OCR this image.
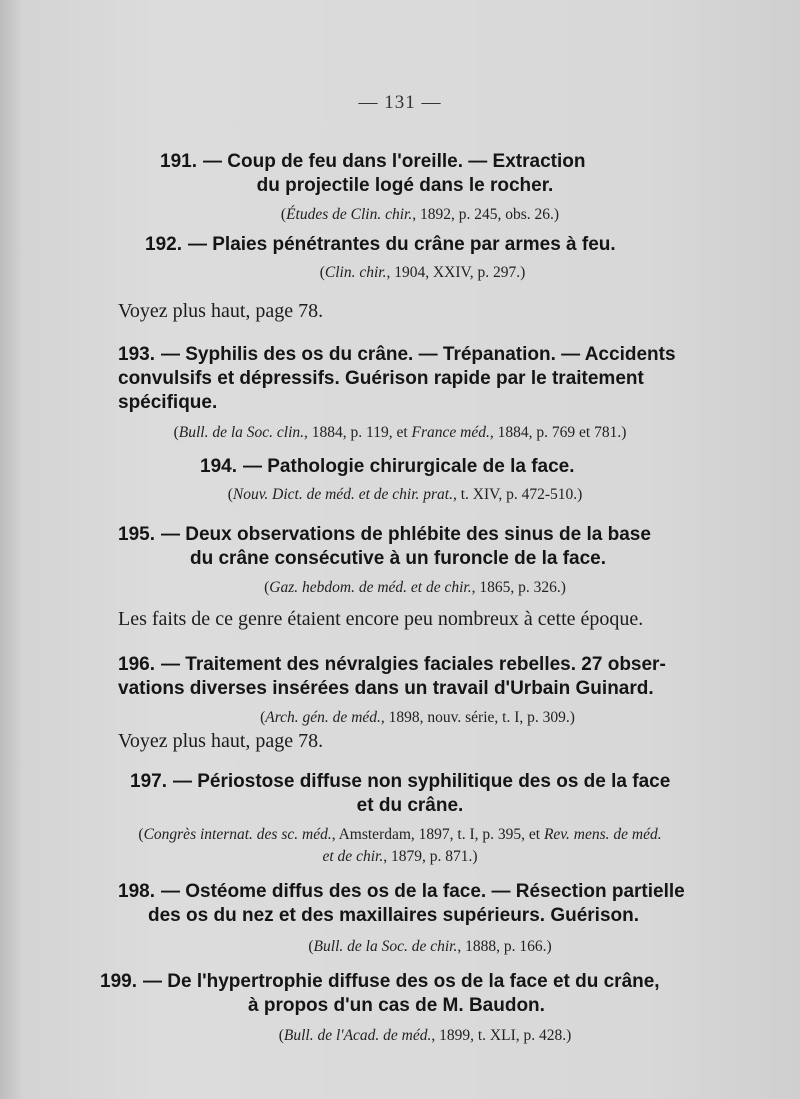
— 131 —
191. — Coup de feu dans l'oreille. — Extraction
du projectile logé dans le rocher.
(Études de Clin. chir., 1892, p. 245, obs. 26.)
192. — Plaies pénétrantes du crâne par armes à feu.
(Clin. chir., 1904, XXIV, p. 297.)
Voyez plus haut, page 78.
193. — Syphilis des os du crâne. — Trépanation. — Accidents
convulsifs et dépressifs. Guérison rapide par le traitement
spécifique.
(Bull. de la Soc. clin., 1884, p. 119, et France méd., 1884, p. 769 et 781.)
194. — Pathologie chirurgicale de la face.
(Nouv. Dict. de méd. et de chir. prat., t. XIV, p. 472-510.)
195. — Deux observations de phlébite des sinus de la base
du crâne consécutive à un furoncle de la face.
(Gaz. hebdom. de méd. et de chir., 1865, p. 326.)
Les faits de ce genre étaient encore peu nombreux à cette époque.
196. — Traitement des névralgies faciales rebelles. 27 obser-
vations diverses insérées dans un travail d'Urbain Guinard.
(Arch. gén. de méd., 1898, nouv. série, t. I, p. 309.)
Voyez plus haut, page 78.
197. — Périostose diffuse non syphilitique des os de la face
et du crâne.
(Congrès internat. des sc. méd., Amsterdam, 1897, t. I, p. 395, et Rev. mens. de méd.
et de chir., 1879, p. 871.)
198. — Ostéome diffus des os de la face. — Résection partielle
des os du nez et des maxillaires supérieurs. Guérison.
(Bull. de la Soc. de chir., 1888, p. 166.)
199. — De l'hypertrophie diffuse des os de la face et du crâne,
à propos d'un cas de M. Baudon.
(Bull. de l'Acad. de méd., 1899, t. XLI, p. 428.)
